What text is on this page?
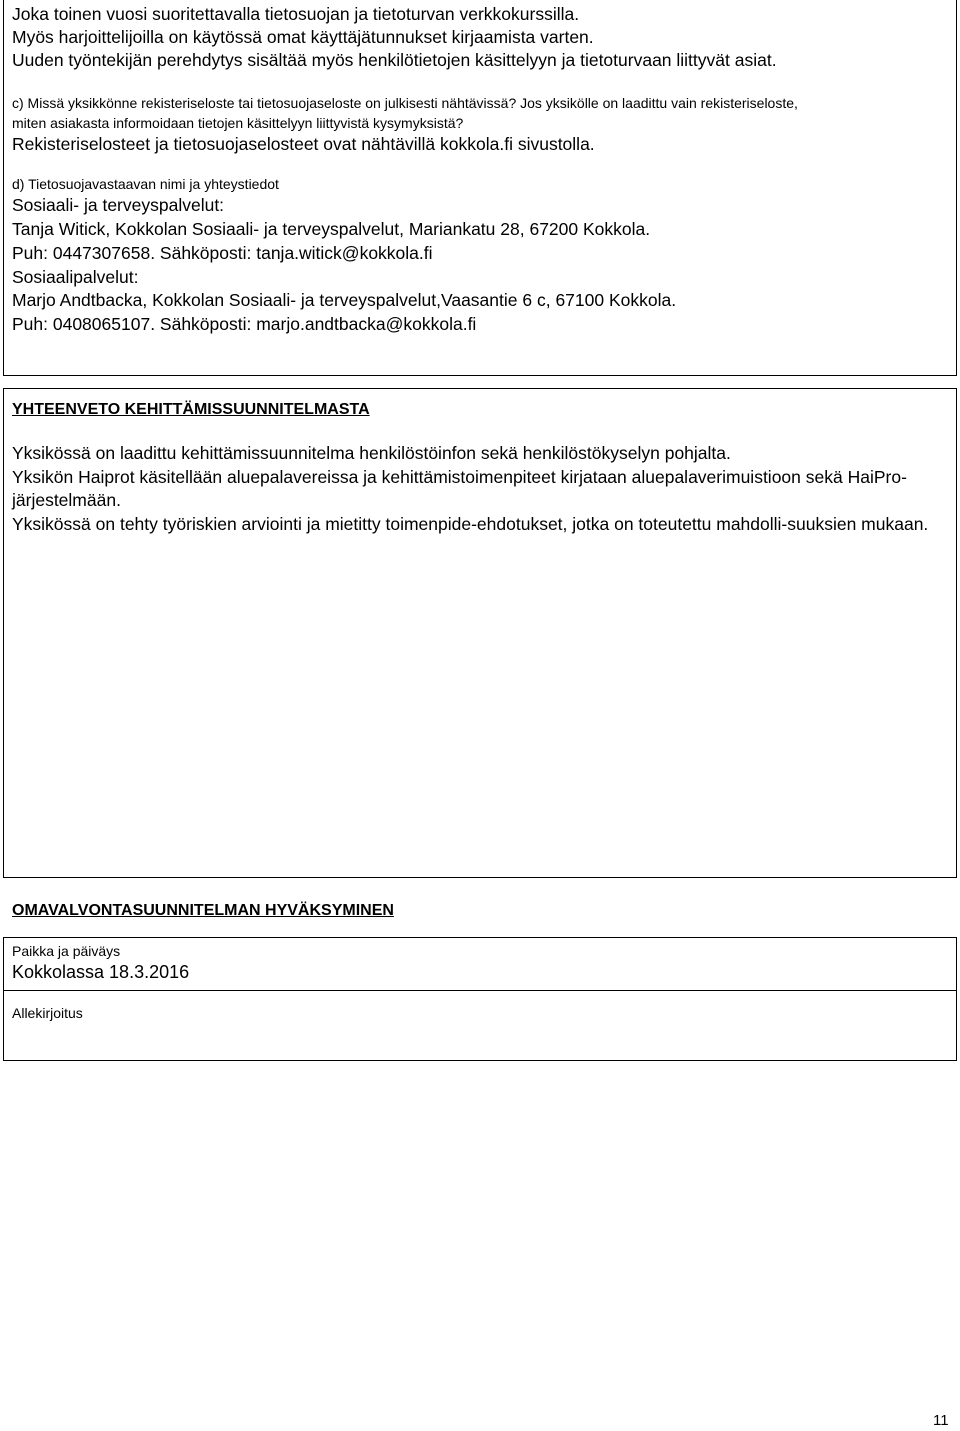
Joka toinen vuosi suoritettavalla tietosuojan ja tietoturvan verkkokurssilla.
Myös harjoittelijoilla on käytössä omat käyttäjätunnukset kirjaamista varten.
Uuden työntekijän perehdytys sisältää myös henkilötietojen käsittelyyn ja tietoturvaan liittyvät asiat.
c) Missä yksikkönne rekisteriseloste tai tietosuojaseloste on julkisesti nähtävissä? Jos yksikölle on laadittu vain rekisteriseloste,
miten asiakasta informoidaan tietojen käsittelyyn liittyvistä kysymyksistä?
Rekisteriselosteet ja tietosuojaselosteet ovat nähtävillä kokkola.fi sivustolla.
d) Tietosuojavastaavan nimi ja yhteystiedot
Sosiaali- ja terveyspalvelut:
Tanja Witick, Kokkolan Sosiaali- ja terveyspalvelut, Mariankatu 28, 67200 Kokkola.
Puh: 0447307658. Sähköposti: tanja.witick@kokkola.fi
Sosiaalipalvelut:
Marjo Andtbacka, Kokkolan Sosiaali- ja terveyspalvelut,Vaasantie 6 c, 67100 Kokkola.
Puh: 0408065107. Sähköposti: marjo.andtbacka@kokkola.fi
YHTEENVETO KEHITTÄMISSUUNNITELMASTA

Yksikössä on laadittu kehittämissuunnitelma henkilöstöinfon sekä henkilöstökyselyn pohjalta.

Yksikön Haiprot käsitellään aluepalavereissa ja kehittämistoimenpiteet kirjataan aluepalaverimuistioon sekä HaiPro- järjestelmään.

Yksikössä on tehty työriskien arviointi ja mietitty toimenpide-ehdotukset, jotka on toteutettu mahdolli-suuksien mukaan.

OMAVALVONTASUUNNITELMAN HYVÄKSYMINEN
Paikka ja päiväys
Kokkolassa 18.3.2016
Allekirjoitus
11
